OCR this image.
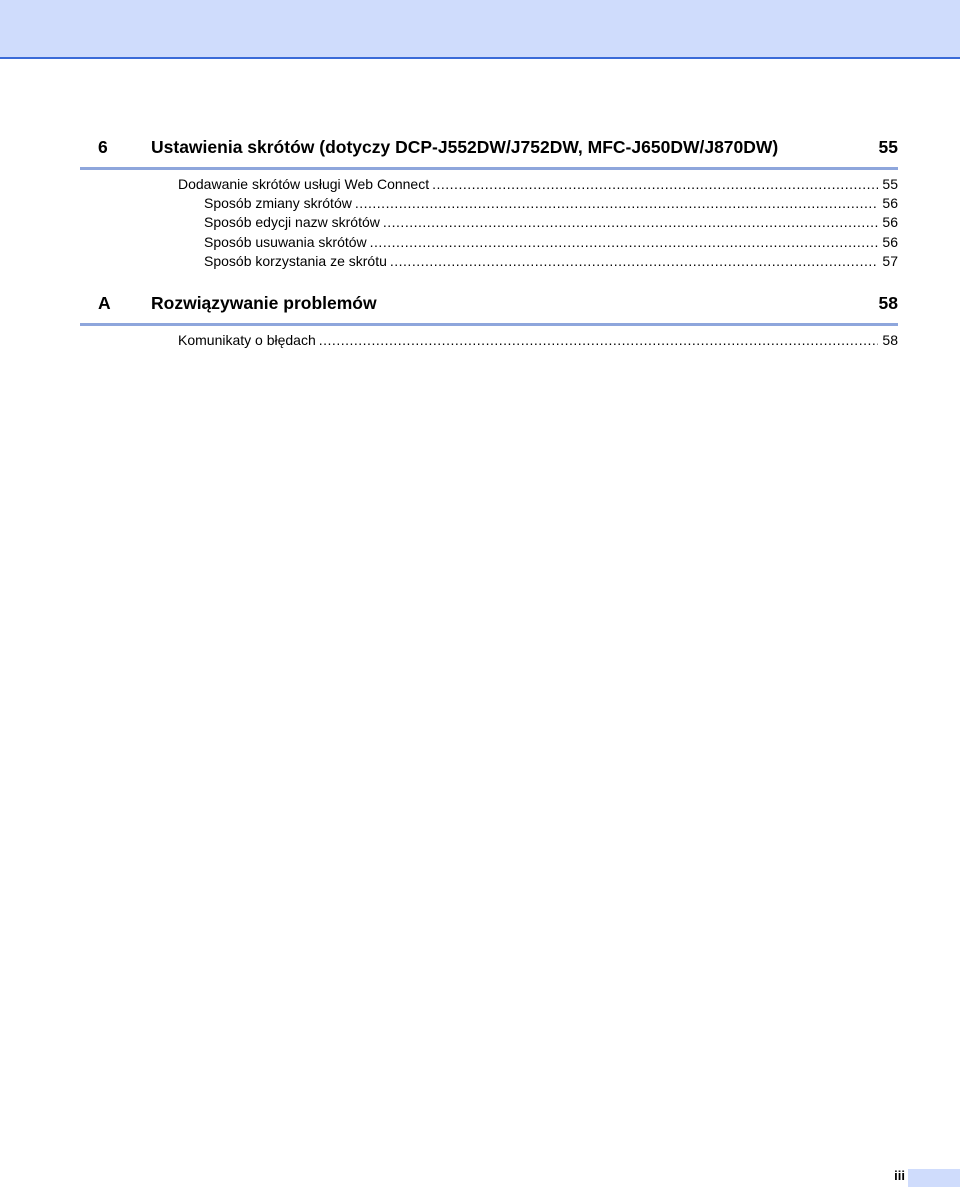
6	Ustawienia skrótów (dotyczy DCP-J552DW/J752DW, MFC-J650DW/J870DW)	55
Dodawanie skrótów usługi Web Connect .....	55
Sposób zmiany skrótów .....	56
Sposób edycji nazw skrótów .....	56
Sposób usuwania skrótów .....	56
Sposób korzystania ze skrótu .....	57
A	Rozwiązywanie problemów	58
Komunikaty o błędach .....	58
iii
